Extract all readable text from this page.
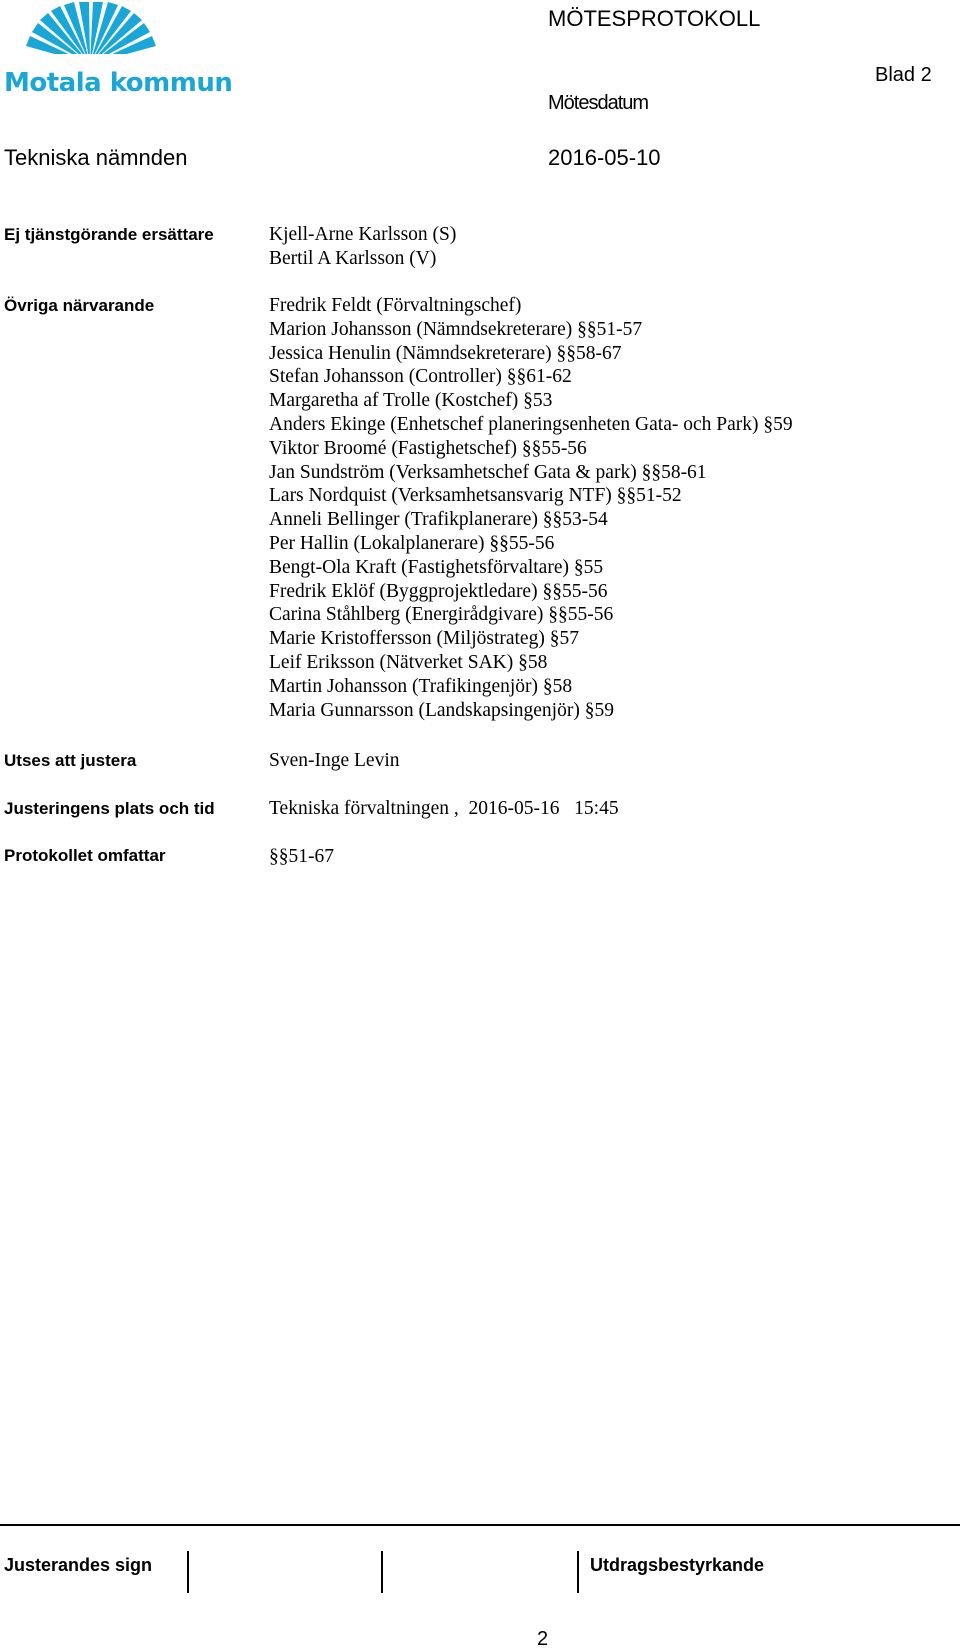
Motala kommun
MÖTESPROTOKOLL
Blad 2
Mötesdatum
Tekniska nämnden	2016-05-10
Ej tjänstgörande ersättare	Kjell-Arne Karlsson (S)
Bertil A Karlsson (V)
Övriga närvarande	Fredrik Feldt (Förvaltningschef)
Marion Johansson (Nämndsekreterare) §§51-57
Jessica Henulin (Nämndsekreterare) §§58-67
Stefan Johansson (Controller) §§61-62
Margaretha af Trolle (Kostchef) §53
Anders Ekinge (Enhetschef planeringsenheten Gata- och Park) §59
Viktor Broomé (Fastighetschef) §§55-56
Jan Sundström (Verksamhetschef Gata & park) §§58-61
Lars Nordquist (Verksamhetsansvarig NTF) §§51-52
Anneli Bellinger (Trafikplanerare) §§53-54
Per Hallin (Lokalplanerare) §§55-56
Bengt-Ola Kraft (Fastighetsförvaltare) §55
Fredrik Eklöf (Byggprojektledare) §§55-56
Carina Ståhlberg (Energirådgivare) §§55-56
Marie Kristoffersson (Miljöstrateg) §57
Leif Eriksson (Nätverket SAK) §58
Martin Johansson (Trafikingenjör) §58
Maria Gunnarsson (Landskapsingenjör) §59
Utses att justera	Sven-Inge Levin
Justeringens plats och tid	Tekniska förvaltningen ,  2016-05-16   15:45
Protokollet omfattar	§§51-67
Justerandes sign	Utdragsbestyrkande
2
